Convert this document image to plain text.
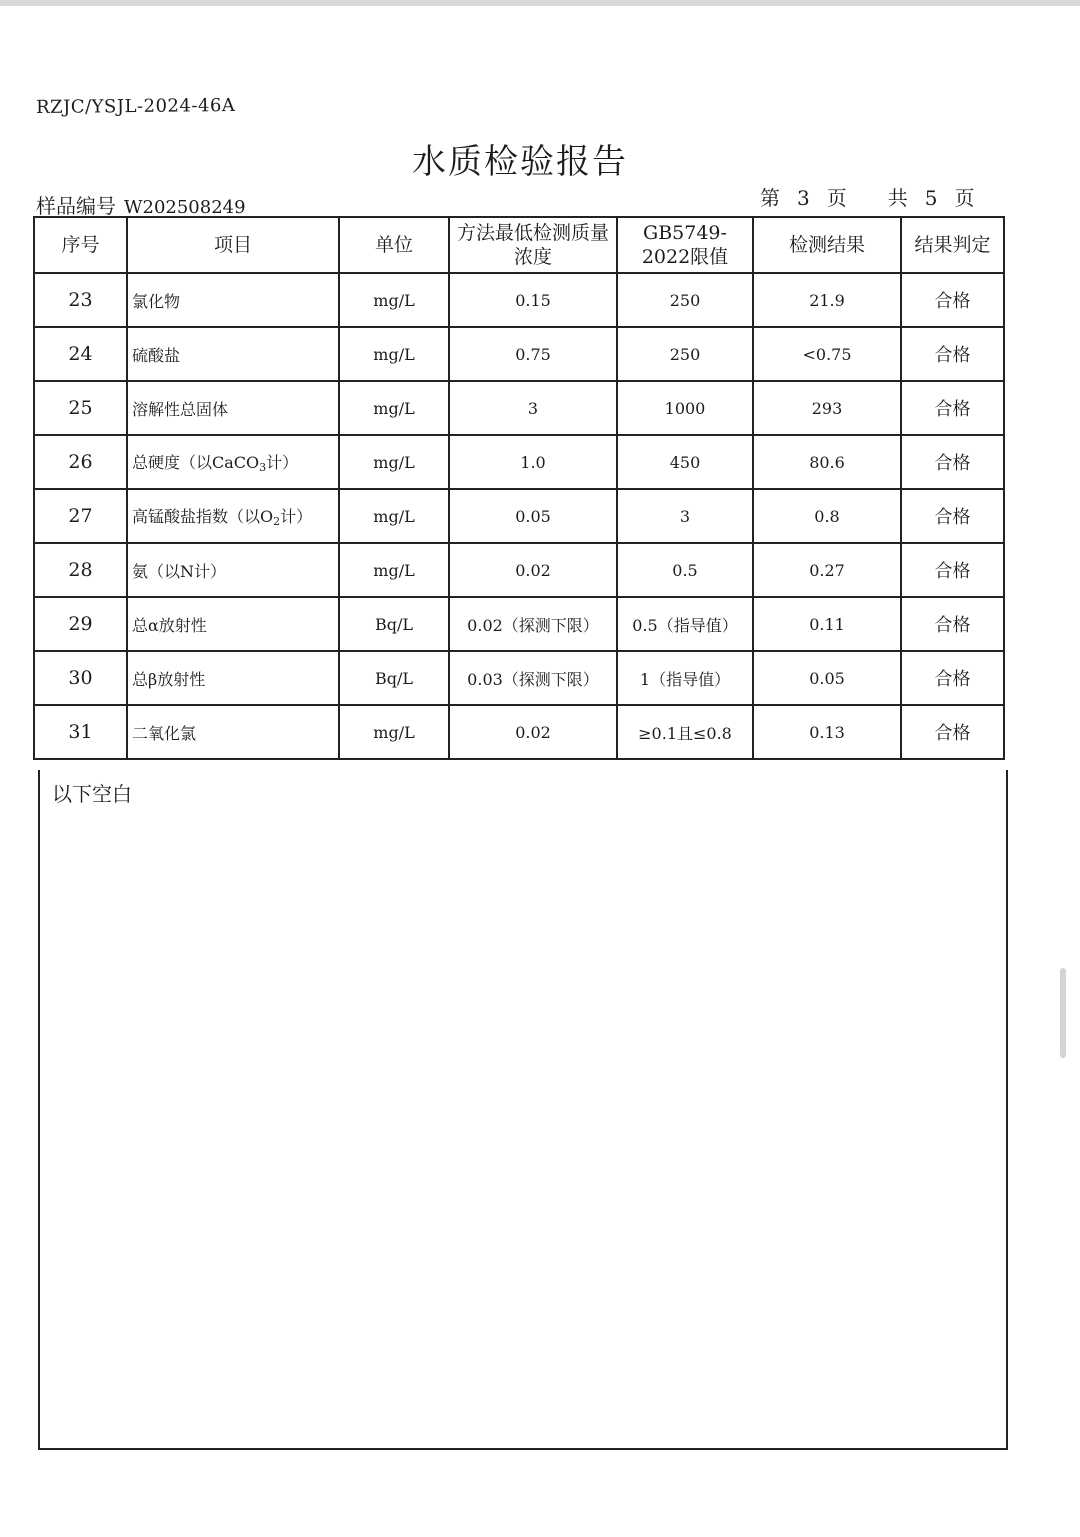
RZJC/YSJL-2024-46A
水质检验报告
样品编号 W202508249	第 3 页 共 5 页
序号	项目	单位	方法最低检测质量浓度	GB5749-2022限值	检测结果	结果判定
23	氯化物	mg/L	0.15	250	21.9	合格
24	硫酸盐	mg/L	0.75	250	<0.75	合格
25	溶解性总固体	mg/L	3	1000	293	合格
26	总硬度（以CaCO$_3$计）	mg/L	1.0	450	80.6	合格
27	高锰酸盐指数（以$O_2$计）	mg/L	0.05	3	0.8	合格
28	氨（以N计）	mg/L	0.02	0.5	0.27	合格
29	总α放射性	Bq/L	0.02（探测下限）	0.5（指导值）	0.11	合格
30	总β放射性	Bq/L	0.03（探测下限）	1（指导值）	0.05	合格
31	二氧化氯	mg/L	0.02	≥0.1且≤0.8	0.13	合格
以下空白
